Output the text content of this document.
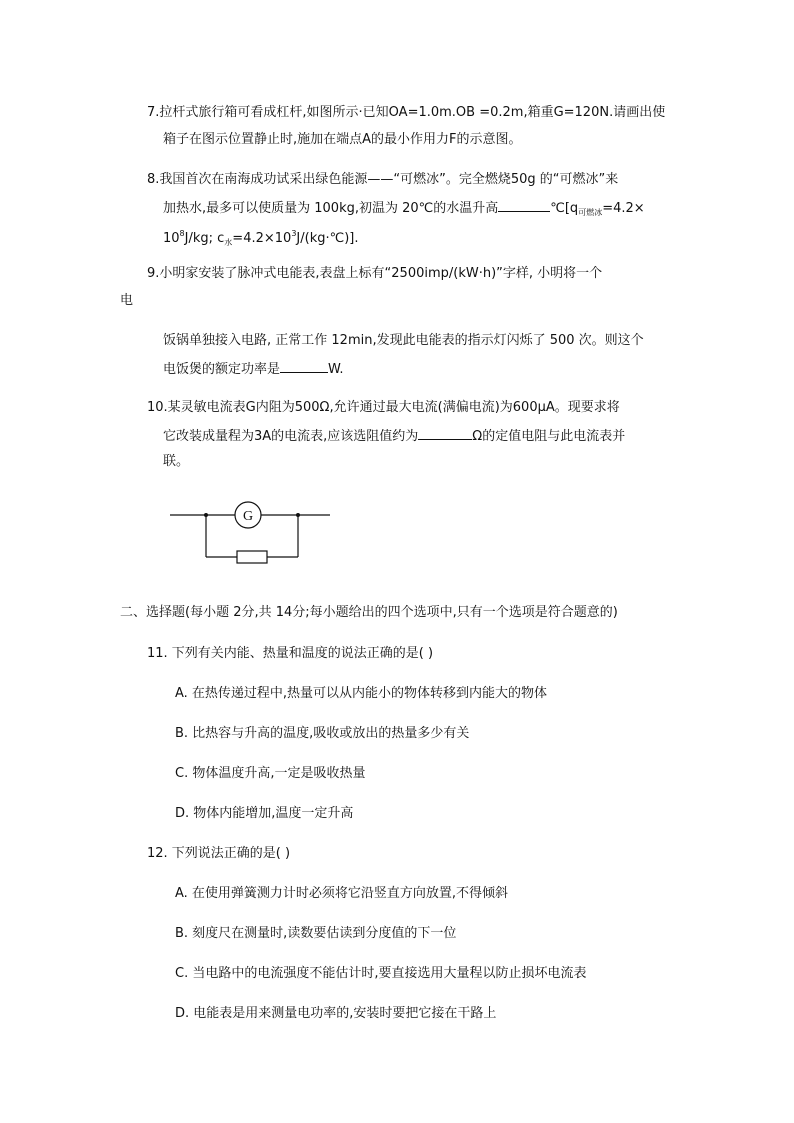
7.拉杆式旅行箱可看成杠杆,如图所示·已知OA=1.0m.OB =0.2m,箱重G=120N.请画出使
箱子在图示位置静止时,施加在端点A的最小作用力F的示意图。
8.我国首次在南海成功试采出绿色能源——“可燃冰”。完全燃烧50g 的“可燃冰”来
加热水,最多可以使质量为 100kg,初温为 20℃的水温升高	$℃[q_{可燃冰}=4.2\times$
$10^8J/kg$; $c_水=4.2\times 10^3J/(kg\cdot℃)$].
9.小明家安装了脉冲式电能表,表盘上标有“2500imp/(kW·h)”字样, 小明将一个
电
饭锅单独接入电路, 正常工作 12min,发现此电能表的指示灯闪烁了 500 次。则这个
电饭煲的额定功率是	W.
10.某灵敏电流表G内阻为500Ω,允许通过最大电流(满偏电流)为600μA。现要求将
它改装成量程为3A的电流表,应该选阻值约为	Ω的定值电阻与此电流表并
联。
G
二、选择题(每小题 2分,共 14分;每小题给出的四个选项中,只有一个选项是符合题意的)
11. 下列有关内能、热量和温度的说法正确的是( )
A. 在热传递过程中,热量可以从内能小的物体转移到内能大的物体
B. 比热容与升高的温度,吸收或放出的热量多少有关
C. 物体温度升高,一定是吸收热量
D. 物体内能增加,温度一定升高
12. 下列说法正确的是( )
A. 在使用弹簧测力计时必须将它沿竖直方向放置,不得倾斜
B. 刻度尺在测量时,读数要估读到分度值的下一位
C. 当电路中的电流强度不能估计时,要直接选用大量程以防止损坏电流表
D. 电能表是用来测量电功率的,安装时要把它接在干路上
